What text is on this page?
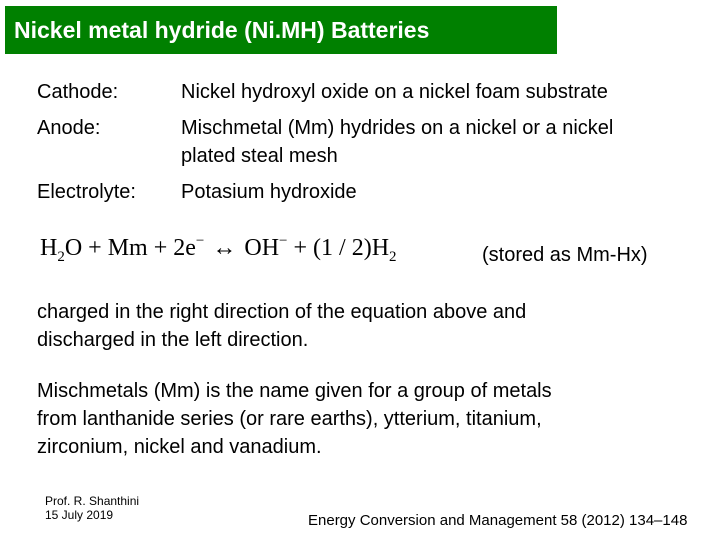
Nickel metal hydride (Ni.MH) Batteries
Cathode:	Nickel hydroxyl oxide on a nickel foam substrate
Anode:	Mischmetal (Mm) hydrides on a nickel or a nickel
plated steal mesh
Electrolyte: Potasium hydroxide
$H_2O + Mm + 2e^-$ ↔ $OH^- + (1 / 2)H_2$	(stored as Mm-Hx)
charged in the right direction of the equation above and
discharged in the left direction.
Mischmetals (Mm) is the name given for a group of metals
from lanthanide series (or rare earths), ytterium, titanium,
zirconium, nickel and vanadium.
Prof. R. Shanthini
15 July 2019	Energy Conversion and Management 58 (2012) 134–148
